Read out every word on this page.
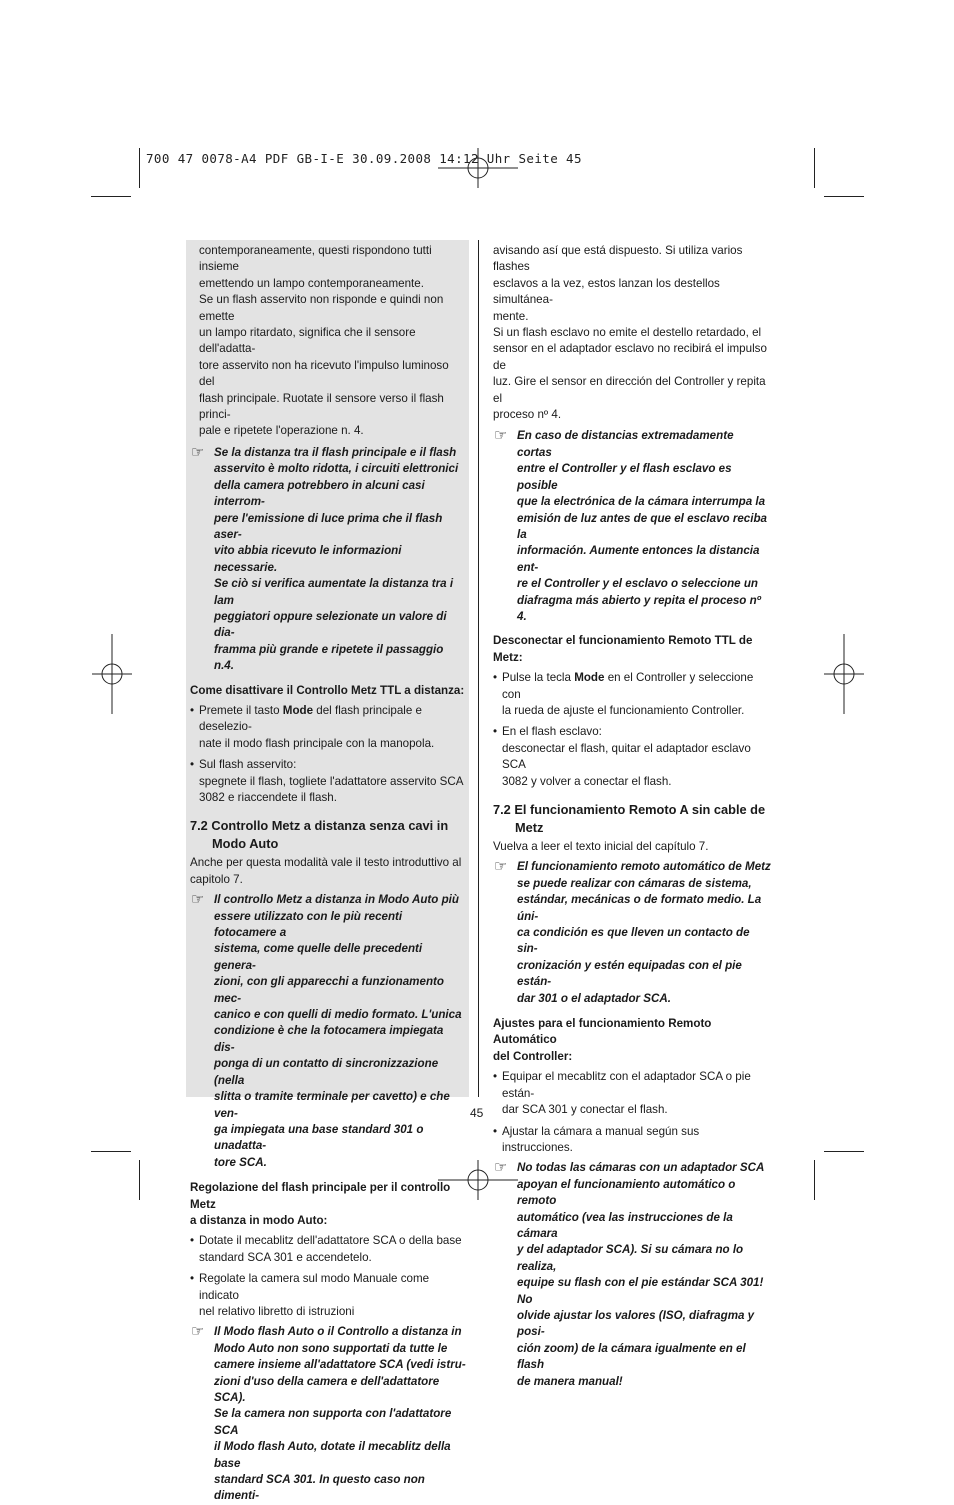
700 47 0078-A4 PDF GB-I-E 30.09.2008 14:12 Uhr Seite 45
contemporaneamente, questi rispondono tutti insieme
emettendo un lampo contemporaneamente.
Se un flash asservito non risponde e quindi non emette
un lampo ritardato, significa che il sensore dell'adatta-
tore asservito non ha ricevuto l'impulso luminoso del
flash principale. Ruotate il sensore verso il flash princi-
pale e ripetete l'operazione n. 4.
☞ Se la distanza tra il flash principale e il flash
asservito è molto ridotta, i circuiti elettronici
della camera potrebbero in alcuni casi interrom-
pere l'emissione di luce prima che il flash aser-
vito abbia ricevuto le informazioni necessarie.
Se ciò si verifica aumentate la distanza tra i lam
peggiatori oppure selezionate un valore di dia-
framma più grande e ripetete il passaggio n.4.
Come disattivare il Controllo Metz TTL a distanza:
• Premete il tasto Mode del flash principale e deselezio-
nate il modo flash principale con la manopola.
• Sul flash asservito:
spegnete il flash, togliete l'adattatore asservito SCA
3082 e riaccendete il flash.
7.2 Controllo Metz a distanza senza cavi in
Modo Auto
Anche per questa modalità vale il testo introduttivo al
capitolo 7.
☞ Il controllo Metz a distanza in Modo Auto più
essere utilizzato con le più recenti fotocamere a
sistema, come quelle delle precedenti genera-
zioni, con gli apparecchi a funzionamento mec-
canico e con quelli di medio formato. L'unica
condizione è che la fotocamera impiegata dis-
ponga di un contatto di sincronizzazione (nella
slitta o tramite terminale per cavetto) e che ven-
ga impiegata una base standard 301 o unadatta-
tore SCA.
Regolazione del flash principale per il controllo Metz
a distanza in modo Auto:
• Dotate il mecablitz dell'adattatore SCA o della base
standard SCA 301 e accendetelo.
• Regolate la camera sul modo Manuale come indicato
nel relativo libretto di istruzioni
☞ Il Modo flash Auto o il Controllo a distanza in
Modo Auto non sono supportati da tutte le
camere insieme all'adattatore SCA (vedi istru-
zioni d'uso della camera e dell'adattatore SCA).
Se la camera non supporta con l'adattatore SCA
il Modo flash Auto, dotate il mecablitz della base
standard SCA 301. In questo caso non dimenti-
avisando así que está dispuesto. Si utiliza varios flashes
esclavos a la vez, estos lanzan los destellos simultánea-
mente.
Si un flash esclavo no emite el destello retardado, el
sensor en el adaptador esclavo no recibirá el impulso de
luz. Gire el sensor en dirección del Controller y repita el
proceso nº 4.
☞ En caso de distancias extremadamente cortas
entre el Controller y el flash esclavo es posible
que la electrónica de la cámara interrumpa la
emisión de luz antes de que el esclavo reciba la
información. Aumente entonces la distancia ent-
re el Controller y el esclavo o seleccione un
diafragma más abierto y repita el proceso nº 4.
Desconectar el funcionamiento Remoto TTL de Metz:
• Pulse la tecla Mode en el Controller y seleccione con
la rueda de ajuste el funcionamiento Controller.
• En el flash esclavo:
desconectar el flash, quitar el adaptador esclavo SCA
3082 y volver a conectar el flash.
7.2 El funcionamiento Remoto A sin cable de
Metz
Vuelva a leer el texto inicial del capítulo 7.
☞ El funcionamiento remoto automático de Metz
se puede realizar con cámaras de sistema,
estándar, mecánicas o de formato medio. La úni-
ca condición es que lleven un contacto de sin-
cronización y estén equipadas con el pie están-
dar 301 o el adaptador SCA.
Ajustes para el funcionamiento Remoto Automático
del Controller:
• Equipar el mecablitz con el adaptador SCA o pie están-
dar SCA 301 y conectar el flash.
• Ajustar la cámara a manual según sus instrucciones.
☞ No todas las cámaras con un adaptador SCA
apoyan el funcionamiento automático o remoto
automático (vea las instrucciones de la cámara
y del adaptador SCA). Si su cámara no lo realiza,
equipe su flash con el pie estándar SCA 301! No
olvide ajustar los valores (ISO, diafragma y posi-
ción zoom) de la cámara igualmente en el flash
de manera manual!
45
